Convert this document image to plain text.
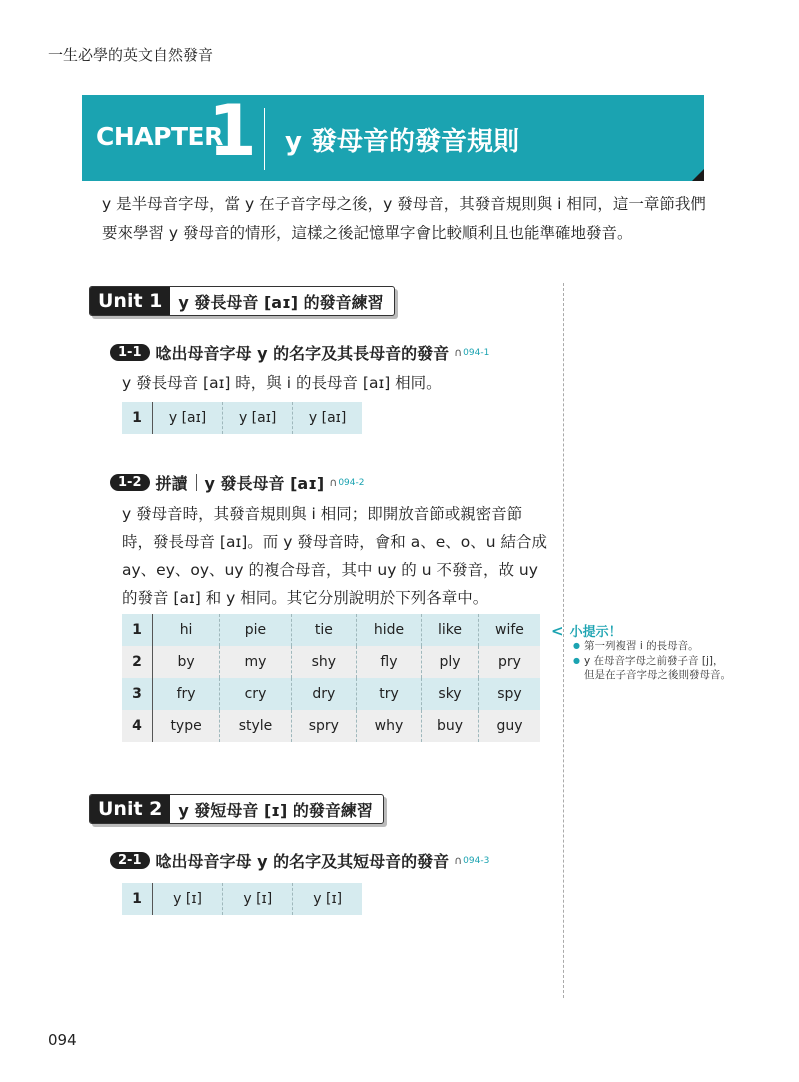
一生必學的英文自然發音
CHAPTER
1 y 發母音的發音規則
y 是半母音字母，當 y 在子音字母之後，y 發母音，其發音規則與 i 相同，這一章節我們
要來學習 y 發母音的情形，這樣之後記憶單字會比較順利且也能準確地發音。
Unit 1	y 發長母音 [aɪ] 的發音練習
1-1 唸出母音字母 y 的名字及其長母音的發音 ∩ 094-1
y 發長母音 [aɪ] 時，與 i 的長母音 [aɪ] 相同。
1	y [aɪ]	y [aɪ]	y [aɪ]
1-2 拼讀 y 發長母音 [aɪ] ∩ 094-2
y 發母音時，其發音規則與 i 相同；即開放音節或親密音節
時，發長母音 [aɪ]。而 y 發母音時，會和 a、e、o、u 結合成
ay、ey、oy、uy 的複合母音，其中 uy 的 u 不發音，故 uy
的發音 [aɪ] 和 y 相同。其它分別說明於下列各章中。
1	hi	pie	tie	hide	like	wife
2	by	my	shy	fly	ply	pry
3	fry	cry	dry	try	sky	spy
4	type	style	spry	why	buy	guy
< 小提示！
● 第一列複習 i 的長母音。
● y 在母音字母之前發子音 [j]，但是在子音字母之後則發母音。
Unit 2	y 發短母音 [ɪ] 的發音練習
2-1 唸出母音字母 y 的名字及其短母音的發音 ∩ 094-3
1	y [ɪ]	y [ɪ]	y [ɪ]
094
